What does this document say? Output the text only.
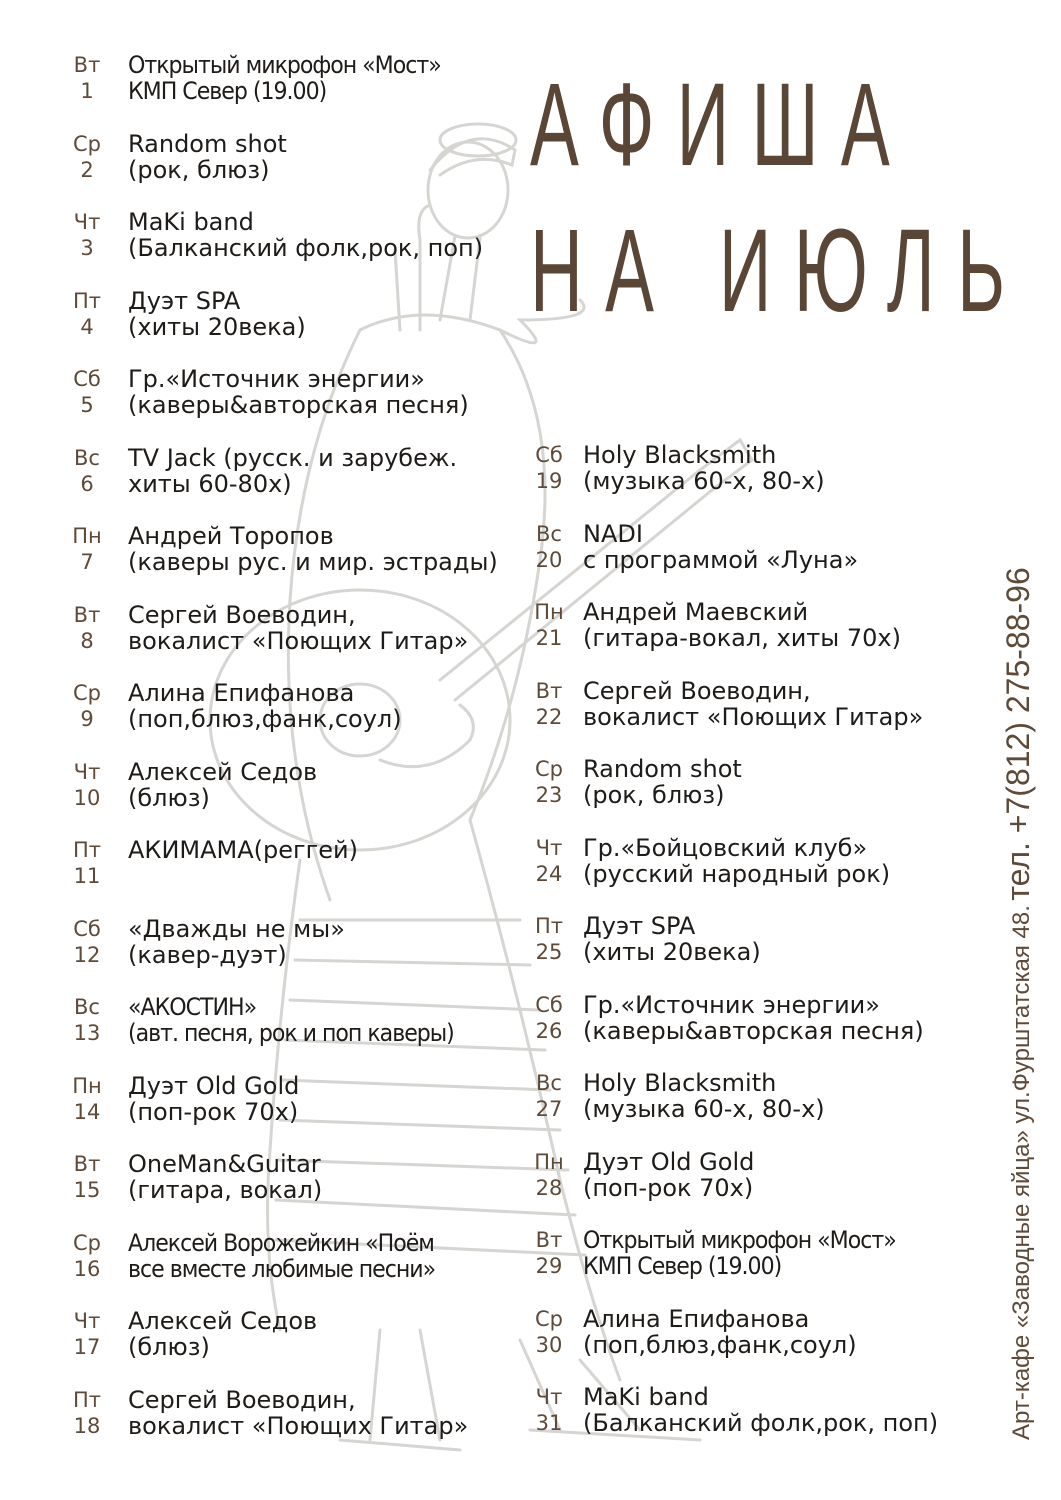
АФИША
НА ИЮЛЬ
Вт
1
Открытый микрофон «Мост»
КМП Север (19.00)
Ср
2
Random shot
(рок, блюз)
Чт
3
MaKi band
(Балканский фолк,рок, поп)
Пт
4
Дуэт SPA
(хиты 20века)
Сб
5
Гр.«Источник энергии»
(каверы&авторская песня)
Вс
6
TV Jack (русск. и зарубеж.
хиты 60-80х)
Пн
7
Андрей Торопов
(каверы рус. и мир. эстрады)
Вт
8
Сергей Воеводин,
вокалист «Поющих Гитар»
Ср
9
Алина Епифанова
(поп,блюз,фанк,соул)
Чт
10
Алексей Седов
(блюз)
Пт
11
АКИМАМА(реггей)
Сб
12
«Дважды не мы»
(кавер-дуэт)
Вс
13
«АКОСТИН»
(авт. песня, рок и поп каверы)
Пн
14
Дуэт Old Gold
(поп-рок 70х)
Вт
15
OneMan&Guitar
(гитара, вокал)
Ср
16
Алексей Ворожейкин «Поём
все вместе любимые песни»
Чт
17
Алексей Седов
(блюз)
Пт
18
Сергей Воеводин,
вокалист «Поющих Гитар»
Сб
19
Holy Blacksmith
(музыка 60-х, 80-х)
Вс
20
NADI
с программой «Луна»
Пн
21
Андрей Маевский
(гитара-вокал, хиты 70х)
Вт
22
Сергей Воеводин,
вокалист «Поющих Гитар»
Ср
23
Random shot
(рок, блюз)
Чт
24
Гр.«Бойцовский клуб»
(русский народный рок)
Пт
25
Дуэт SPA
(хиты 20века)
Сб
26
Гр.«Источник энергии»
(каверы&авторская песня)
Вс
27
Holy Blacksmith
(музыка 60-х, 80-х)
Пн
28
Дуэт Old Gold
(поп-рок 70х)
Вт
29
Открытый микрофон «Мост»
КМП Север (19.00)
Ср
30
Алина Епифанова
(поп,блюз,фанк,соул)
Чт
31
MaKi band
(Балканский фолк,рок, поп)	Арт-кафе «Заводные яйца» ул.Фурштатская 48. тел. +7(812) 275-88-96
